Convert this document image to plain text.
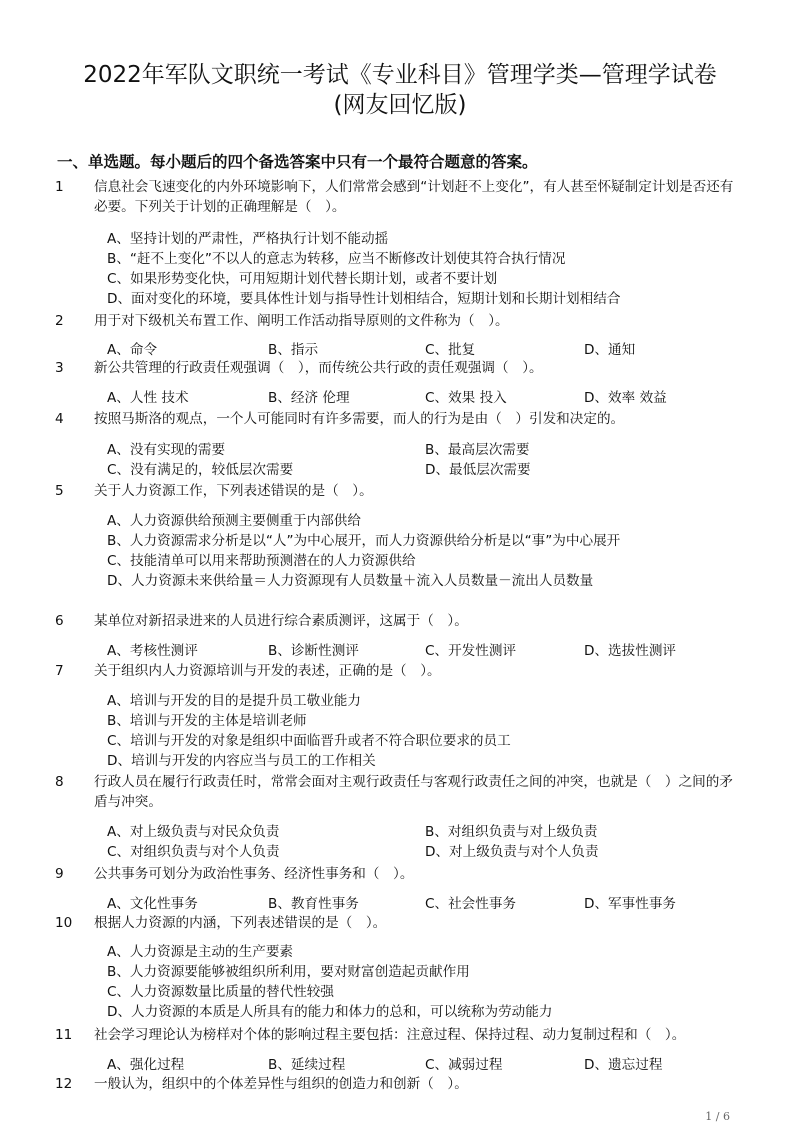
2022年军队文职统一考试《专业科目》管理学类—管理学试卷
(网友回忆版)
一、单选题。每小题后的四个备选答案中只有一个最符合题意的答案。
1 信息社会飞速变化的内外环境影响下，人们常常会感到“计划赶不上变化”，有人甚至怀疑制定计划是否还有必要。下列关于计划的正确理解是（　）。
A、坚持计划的严肃性，严格执行计划不能动摇
B、“赶不上变化”不以人的意志为转移，应当不断修改计划使其符合执行情况
C、如果形势变化快，可用短期计划代替长期计划，或者不要计划
D、面对变化的环境，要具体性计划与指导性计划相结合，短期计划和长期计划相结合
2 用于对下级机关布置工作、阐明工作活动指导原则的文件称为（　）。
A、命令	B、指示	C、批复	D、通知
3 新公共管理的行政责任观强调（　），而传统公共行政的责任观强调（　）。
A、人性 技术	B、经济 伦理	C、效果 投入	D、效率 效益
4 按照马斯洛的观点，一个人可能同时有许多需要，而人的行为是由（　）引发和决定的。
A、没有实现的需要	B、最高层次需要
C、没有满足的，较低层次需要	D、最低层次需要
5 关于人力资源工作，下列表述错误的是（　）。
A、人力资源供给预测主要侧重于内部供给
B、人力资源需求分析是以“人”为中心展开，而人力资源供给分析是以“事”为中心展开
C、技能清单可以用来帮助预测潜在的人力资源供给
D、人力资源未来供给量＝人力资源现有人员数量＋流入人员数量－流出人员数量
6 某单位对新招录进来的人员进行综合素质测评，这属于（　）。
A、考核性测评	B、诊断性测评	C、开发性测评	D、选拔性测评
7 关于组织内人力资源培训与开发的表述，正确的是（　）。
A、培训与开发的目的是提升员工敬业能力
B、培训与开发的主体是培训老师
C、培训与开发的对象是组织中面临晋升或者不符合职位要求的员工
D、培训与开发的内容应当与员工的工作相关
8 行政人员在履行行政责任时，常常会面对主观行政责任与客观行政责任之间的冲突，也就是（　）之间的矛盾与冲突。
A、对上级负责与对民众负责	B、对组织负责与对上级负责
C、对组织负责与对个人负责	D、对上级负责与对个人负责
9 公共事务可划分为政治性事务、经济性事务和（　）。
A、文化性事务	B、教育性事务	C、社会性事务	D、军事性事务
10 根据人力资源的内涵，下列表述错误的是（　）。
A、人力资源是主动的生产要素
B、人力资源要能够被组织所利用，要对财富创造起贡献作用
C、人力资源数量比质量的替代性较强
D、人力资源的本质是人所具有的能力和体力的总和，可以统称为劳动能力
11 社会学习理论认为榜样对个体的影响过程主要包括：注意过程、保持过程、动力复制过程和（　）。
A、强化过程	B、延续过程	C、减弱过程	D、遗忘过程
12 一般认为，组织中的个体差异性与组织的创造力和创新（　）。
1 / 6
